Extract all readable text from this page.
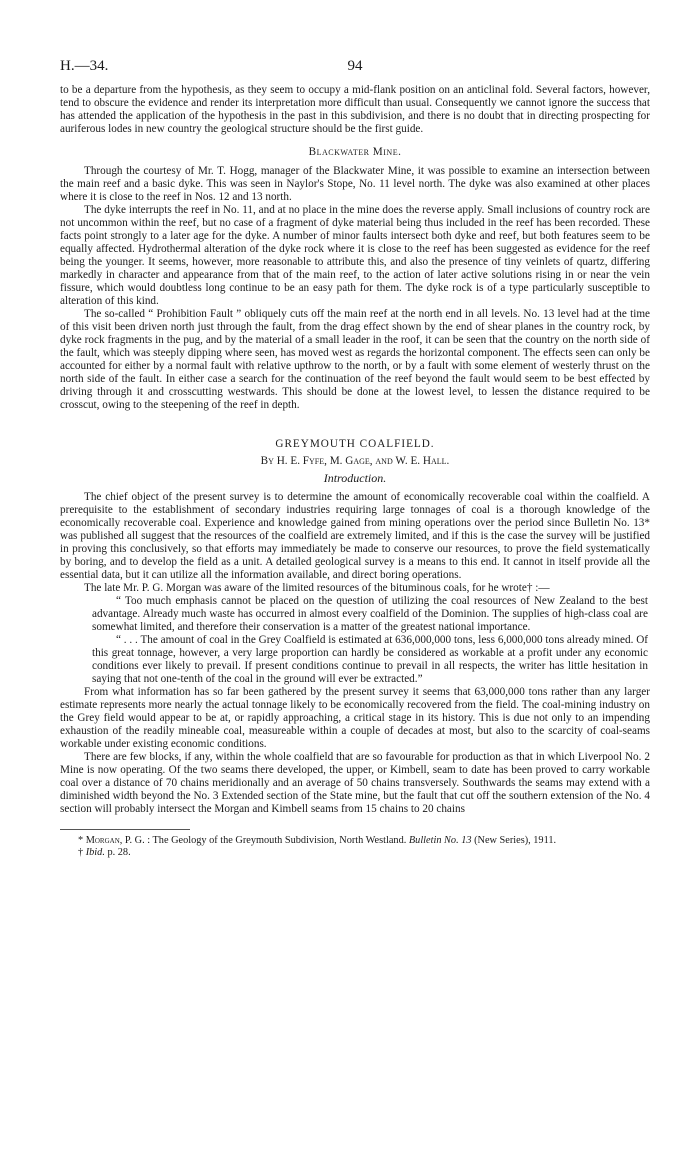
H.—34.	94

to be a departure from the hypothesis, as they seem to occupy a mid-flank position on an anticlinal fold. Several factors, however, tend to obscure the evidence and render its interpretation more difficult than usual. Consequently we cannot ignore the success that has attended the application of the hypothesis in the past in this subdivision, and there is no doubt that in directing prospecting for auriferous lodes in new country the geological structure should be the first guide.

Blackwater Mine.

Through the courtesy of Mr. T. Hogg, manager of the Blackwater Mine, it was possible to examine an intersection between the main reef and a basic dyke. This was seen in Naylor's Stope, No. 11 level north. The dyke was also examined at other places where it is close to the reef in Nos. 12 and 13 north.

The dyke interrupts the reef in No. 11, and at no place in the mine does the reverse apply. Small inclusions of country rock are not uncommon within the reef, but no case of a fragment of dyke material being thus included in the reef has been recorded. These facts point strongly to a later age for the dyke. A number of minor faults intersect both dyke and reef, but both features seem to be equally affected. Hydrothermal alteration of the dyke rock where it is close to the reef has been suggested as evidence for the reef being the younger. It seems, however, more reasonable to attribute this, and also the presence of tiny veinlets of quartz, differing markedly in character and appearance from that of the main reef, to the action of later active solutions rising in or near the vein fissure, which would doubtless long continue to be an easy path for them. The dyke rock is of a type particularly susceptible to alteration of this kind.

The so-called “ Prohibition Fault ” obliquely cuts off the main reef at the north end in all levels. No. 13 level had at the time of this visit been driven north just through the fault, from the drag effect shown by the end of shear planes in the country rock, by dyke rock fragments in the pug, and by the material of a small leader in the roof, it can be seen that the country on the north side of the fault, which was steeply dipping where seen, has moved west as regards the horizontal component. The effects seen can only be accounted for either by a normal fault with relative upthrow to the north, or by a fault with some element of westerly thrust on the north side of the fault. In either case a search for the continuation of the reef beyond the fault would seem to be best effected by driving through it and crosscutting westwards. This should be done at the lowest level, to lessen the distance required to be crosscut, owing to the steepening of the reef in depth.

GREYMOUTH COALFIELD.
By H. E. Fyfe, M. Gage, and W. E. Hall.
Introduction.

The chief object of the present survey is to determine the amount of economically recoverable coal within the coalfield. A prerequisite to the establishment of secondary industries requiring large tonnages of coal is a thorough knowledge of the economically recoverable coal. Experience and knowledge gained from mining operations over the period since Bulletin No. 13* was published all suggest that the resources of the coalfield are extremely limited, and if this is the case the survey will be justified in proving this conclusively, so that efforts may immediately be made to conserve our resources, to prove the field systematically by boring, and to develop the field as a unit. A detailed geological survey is a means to this end. It cannot in itself provide all the essential data, but it can utilize all the information available, and direct boring operations.

The late Mr. P. G. Morgan was aware of the limited resources of the bituminous coals, for he wrote† :—

“ Too much emphasis cannot be placed on the question of utilizing the coal resources of New Zealand to the best advantage. Already much waste has occurred in almost every coalfield of the Dominion. The supplies of high-class coal are somewhat limited, and therefore their conservation is a matter of the greatest national importance.

“ . . . The amount of coal in the Grey Coalfield is estimated at 636,000,000 tons, less 6,000,000 tons already mined. Of this great tonnage, however, a very large proportion can hardly be considered as workable at a profit under any economic conditions ever likely to prevail. If present conditions continue to prevail in all respects, the writer has little hesitation in saying that not one-tenth of the coal in the ground will ever be extracted.”

From what information has so far been gathered by the present survey it seems that 63,000,000 tons rather than any larger estimate represents more nearly the actual tonnage likely to be economically recovered from the field. The coal-mining industry on the Grey field would appear to be at, or rapidly approaching, a critical stage in its history. This is due not only to an impending exhaustion of the readily mineable coal, measureable within a couple of decades at most, but also to the scarcity of coal-seams workable under existing economic conditions.

There are few blocks, if any, within the whole coalfield that are so favourable for production as that in which Liverpool No. 2 Mine is now operating. Of the two seams there developed, the upper, or Kimbell, seam to date has been proved to carry workable coal over a distance of 70 chains meridionally and an average of 50 chains transversely. Southwards the seams may extend with a diminished width beyond the No. 3 Extended section of the State mine, but the fault that cut off the southern extension of the No. 4 section will probably intersect the Morgan and Kimbell seams from 15 chains to 20 chains

* Morgan, P. G. : The Geology of the Greymouth Subdivision, North Westland. Bulletin No. 13 (New Series), 1911.

† Ibid. p. 28.
